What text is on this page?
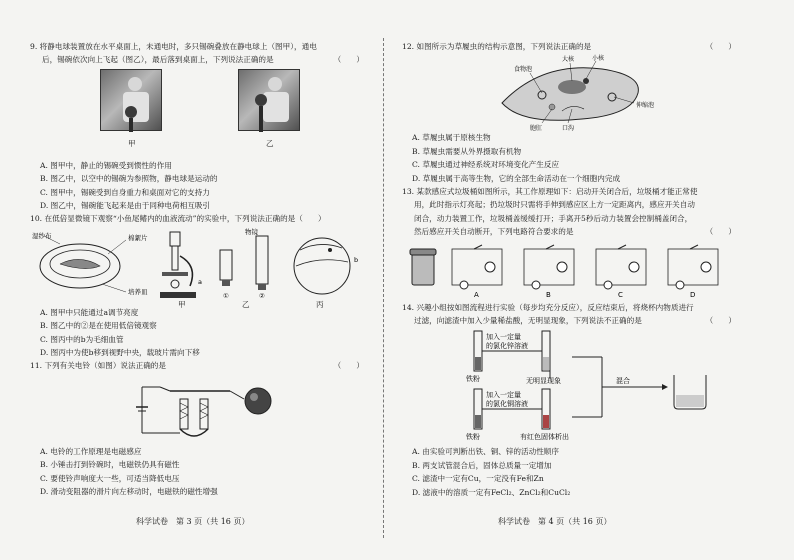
9. 将静电球装置放在水平桌面上，未通电时，多只锡碗叠放在静电球上（图甲），通电
后，锡碗依次向上飞起（图乙），最后落到桌面上，下列说法正确的是	（　　）
甲	乙
A. 图甲中，静止的锡碗受到惯性的作用
B. 图乙中，以空中的锡碗为参照物，静电球是运动的
C. 图甲中，锡碗受到自身重力和桌面对它的支持力
D. 图乙中，锡碗能飞起来是由于同种电荷相互吸引
10. 在低倍显微镜下观察“小鱼尾鳍内的血液流动”的实验中，下列说法正确的是（　　）
湿纱布	棉絮片
培养皿
a
物镜
①	②
b
甲	乙	丙
A. 图甲中只能通过a调节亮度
B. 图乙中的②是在使用低倍镜观察
C. 图丙中的b为毛细血管
D. 图丙中为使b移到视野中央，载玻片需向下移
11. 下列有关电铃（如图）说法正确的是	（　　）
A. 电铃的工作原理是电磁感应
B. 小锤击打到铃碗时，电磁铁仍具有磁性
C. 要使铃声响度大一些，可适当降低电压
D. 滑动变阻器的滑片向左移动时，电磁铁的磁性增强
12. 如图所示为草履虫的结构示意图，下列说法正确的是	（　　）
大核	小核
食物泡
伸缩泡
口沟
胞肛
A. 草履虫属于原核生物
B. 草履虫需要从外界摄取有机物
C. 草履虫通过神经系统对环境变化产生反应
D. 草履虫属于高等生物，它的全部生命活动在一个细胞内完成
13. 某款感应式垃圾桶如图所示，其工作原理如下：启动开关闭合后，垃圾桶才能正常使
用，此时指示灯亮起；扔垃圾时只需将手伸到感应区上方一定距离内，感应开关自动
闭合，动力装置工作，垃圾桶盖缓缓打开；手离开5秒后动力装置会控制桶盖闭合，
然后感应开关自动断开，下列电路符合要求的是	（　　）
A	B	C	D
14. 兴趣小组按如图流程进行实验（每步均充分反应），反应结束后，将烧杯内物质进行
过滤，向滤渣中加入少量稀盐酸，无明显现象，下列说法不正确的是	（　　）
铁粉
加入一定量
的氯化锌溶液
无明显现象
铁粉
加入一定量
的氯化铜溶液
有红色固体析出
混合
A. 由实验可判断出铁、铜、锌的活动性顺序
B. 两支试管混合后，固体总质量一定增加
C. 滤渣中一定有Cu，一定没有Fe和Zn
D. 滤液中的溶质一定有FeCl₂、ZnCl₂和CuCl₂
科学试卷　第 3 页（共 16 页）	科学试卷　第 4 页（共 16 页）
